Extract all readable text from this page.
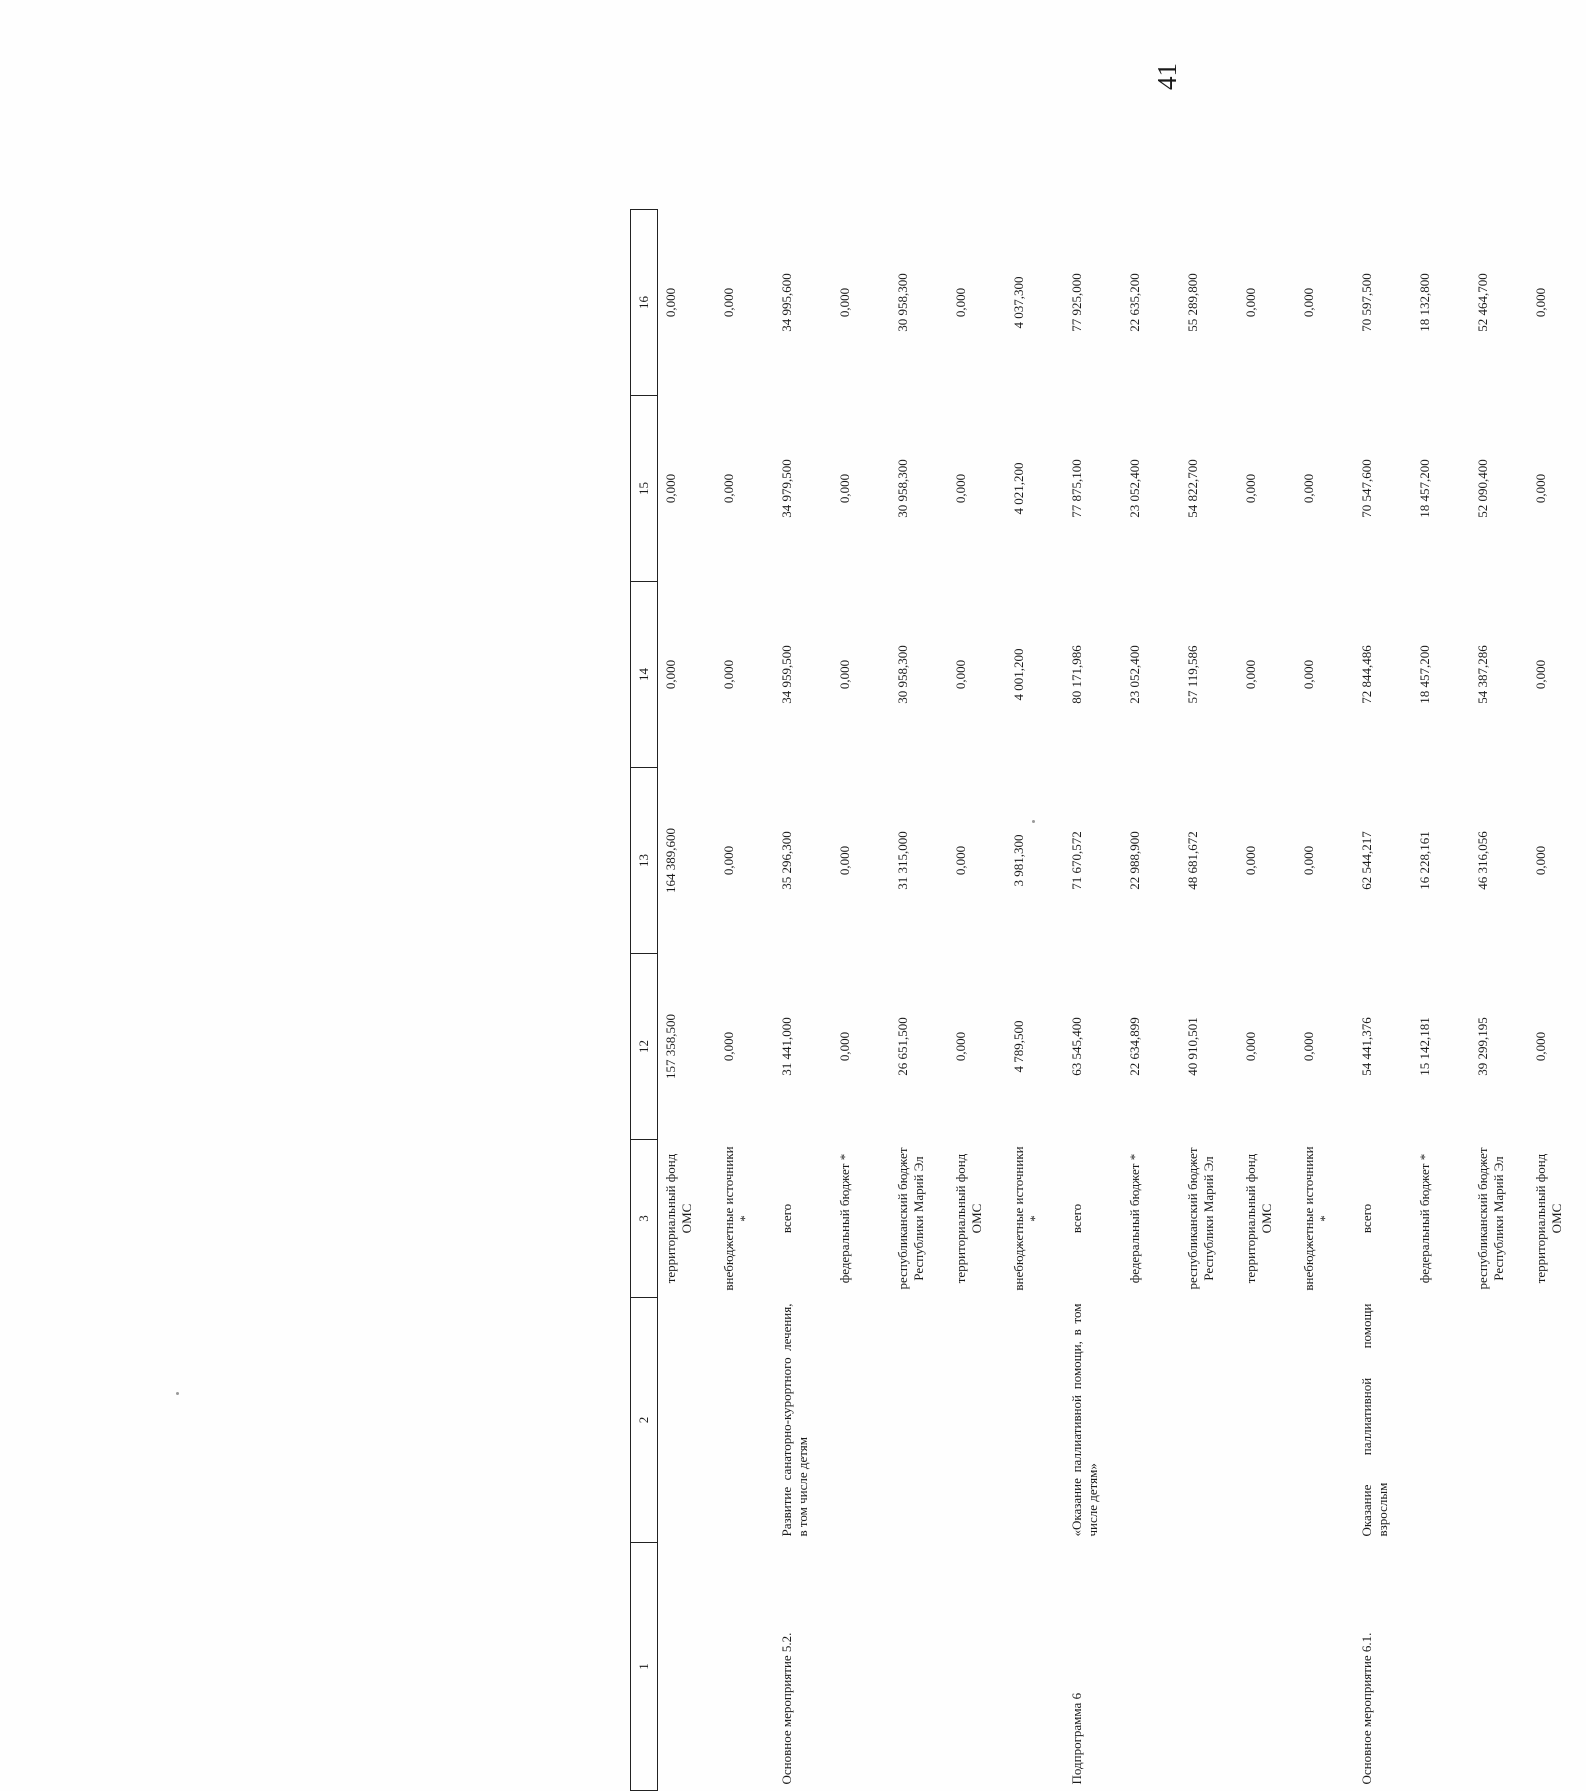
41
1	2	3	12	13	14	15	16
		территориальный фонд ОМС	157 358,500	164 389,600	0,000	0,000	0,000
		внебюджетные источники *	0,000	0,000	0,000	0,000	0,000
Основное мероприятие 5.2.	Развитие санаторно-курортного лечения, в том числе детям	всего	31 441,000	35 296,300	34 959,500	34 979,500	34 995,600
		федеральный бюджет *	0,000	0,000	0,000	0,000	0,000
		республиканский бюджет Республики Марий Эл	26 651,500	31 315,000	30 958,300	30 958,300	30 958,300
		территориальный фонд ОМС	0,000	0,000	0,000	0,000	0,000
		внебюджетные источники *	4 789,500	3 981,300	4 001,200	4 021,200	4 037,300
Подпрограмма 6	«Оказание паллиативной помощи, в том числе детям»	всего	63 545,400	71 670,572	80 171,986	77 875,100	77 925,000
		федеральный бюджет *	22 634,899	22 988,900	23 052,400	23 052,400	22 635,200
		республиканский бюджет Республики Марий Эл	40 910,501	48 681,672	57 119,586	54 822,700	55 289,800
		территориальный фонд ОМС	0,000	0,000	0,000	0,000	0,000
		внебюджетные источники *	0,000	0,000	0,000	0,000	0,000
Основное мероприятие 6.1.	Оказание паллиативной помощи взрослым	всего	54 441,376	62 544,217	72 844,486	70 547,600	70 597,500
		федеральный бюджет *	15 142,181	16 228,161	18 457,200	18 457,200	18 132,800
		республиканский бюджет Республики Марий Эл	39 299,195	46 316,056	54 387,286	52 090,400	52 464,700
		территориальный фонд ОМС	0,000	0,000	0,000	0,000	0,000
